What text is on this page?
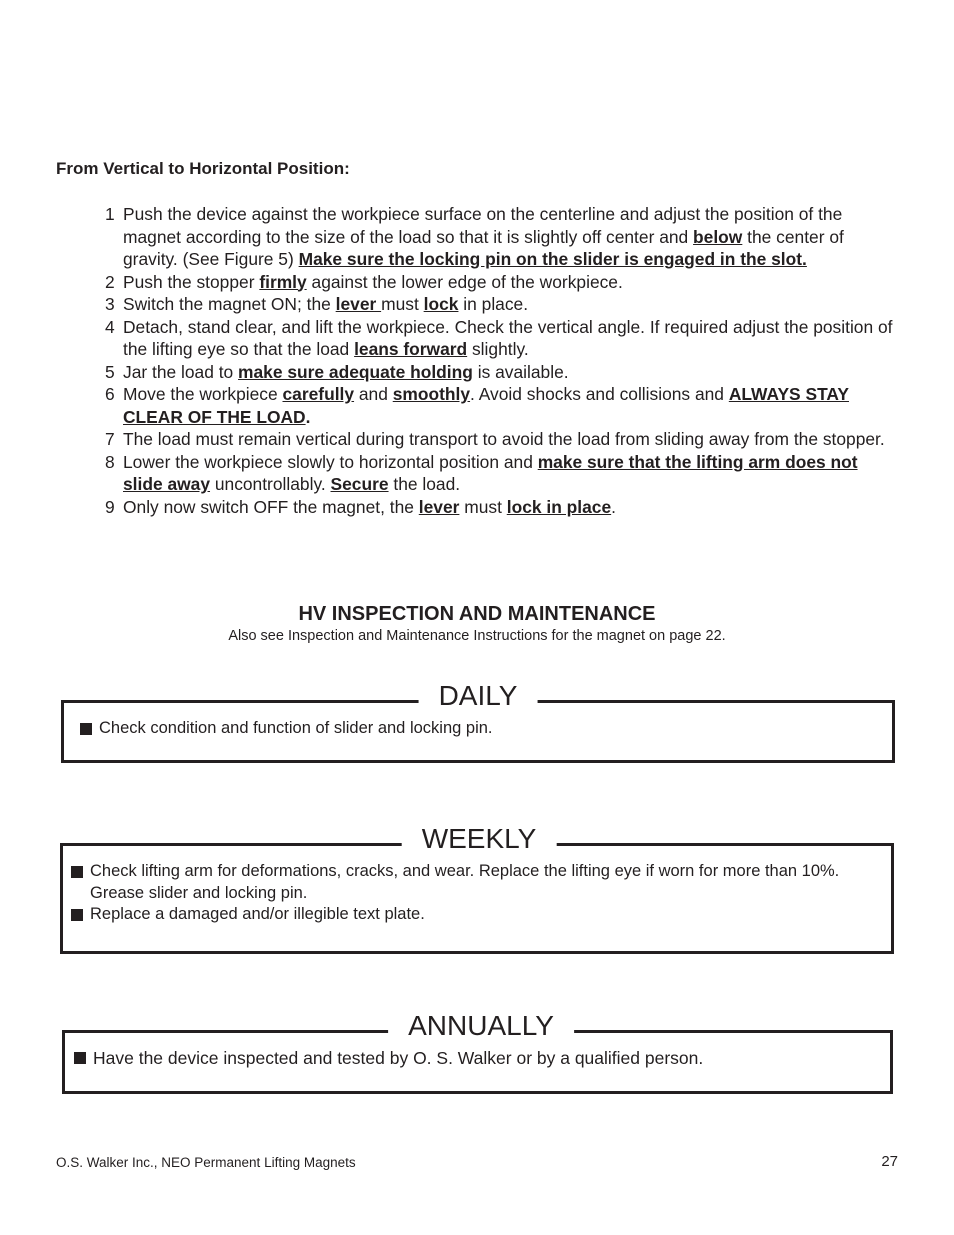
From Vertical to Horizontal Position:
1 Push the device against the workpiece surface on the centerline and adjust the position of the magnet according to the size of the load so that it is slightly off center and below the center of gravity. (See Figure 5) Make sure the locking pin on the slider is engaged in the slot.
2 Push the stopper firmly against the lower edge of the workpiece.
3 Switch the magnet ON; the lever must lock in place.
4 Detach, stand clear, and lift the workpiece. Check the vertical angle. If required adjust the position of the lifting eye so that the load leans forward slightly.
5 Jar the load to make sure adequate holding is available.
6 Move the workpiece carefully and smoothly. Avoid shocks and collisions and ALWAYS STAY CLEAR OF THE LOAD.
7 The load must remain vertical during transport to avoid the load from sliding away from the stopper.
8 Lower the workpiece slowly to horizontal position and make sure that the lifting arm does not slide away uncontrollably. Secure the load.
9 Only now switch OFF the magnet, the lever must lock in place.
HV INSPECTION AND MAINTENANCE
Also see Inspection and Maintenance Instructions for the magnet on page 22.
DAILY
Check condition and function of slider and locking pin.
WEEKLY
Check lifting arm for deformations, cracks, and wear. Replace the lifting eye if worn for more than 10%. Grease slider and locking pin.
Replace a damaged and/or illegible text plate.
ANNUALLY
Have the device inspected and tested by O. S. Walker or by a qualified person.
O.S. Walker Inc., NEO Permanent Lifting Magnets	27
